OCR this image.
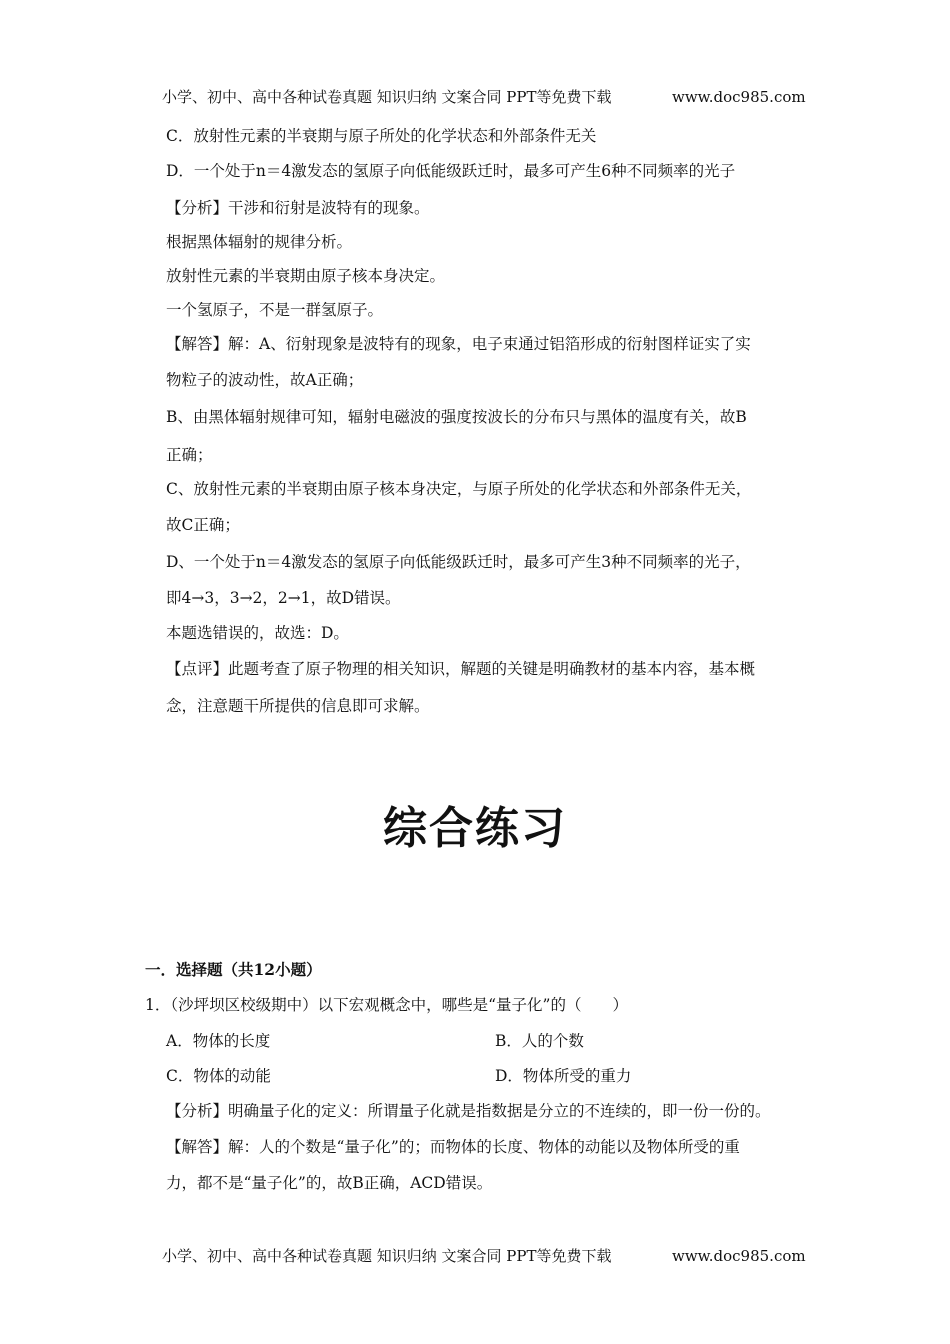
小学、初中、高中各种试卷真题 知识归纳 文案合同 PPT等免费下载	www.doc985.com
C．放射性元素的半衰期与原子所处的化学状态和外部条件无关
D．一个处于n＝4激发态的氢原子向低能级跃迁时，最多可产生6种不同频率的光子
【分析】干涉和衍射是波特有的现象。
根据黑体辐射的规律分析。
放射性元素的半衰期由原子核本身决定。
一个氢原子，不是一群氢原子。
【解答】解：A、衍射现象是波特有的现象，电子束通过铝箔形成的衍射图样证实了实
物粒子的波动性，故A正确；
B、由黑体辐射规律可知，辐射电磁波的强度按波长的分布只与黑体的温度有关，故B
正确；
C、放射性元素的半衰期由原子核本身决定，与原子所处的化学状态和外部条件无关，
故C正确；
D、一个处于n＝4激发态的氢原子向低能级跃迁时，最多可产生3种不同频率的光子，
即4→3，3→2，2→1，故D错误。
本题选错误的，故选：D。
【点评】此题考查了原子物理的相关知识，解题的关键是明确教材的基本内容，基本概
念，注意题干所提供的信息即可求解。
综合练习
一．选择题（共12小题）
1．（沙坪坝区校级期中）以下宏观概念中，哪些是“量子化”的（　　）
A．物体的长度	B．人的个数
C．物体的动能	D．物体所受的重力
【分析】明确量子化的定义：所谓量子化就是指数据是分立的不连续的，即一份一份的。
【解答】解：人的个数是“量子化”的；而物体的长度、物体的动能以及物体所受的重
力，都不是“量子化”的，故B正确，ACD错误。
小学、初中、高中各种试卷真题 知识归纳 文案合同 PPT等免费下载	www.doc985.com
